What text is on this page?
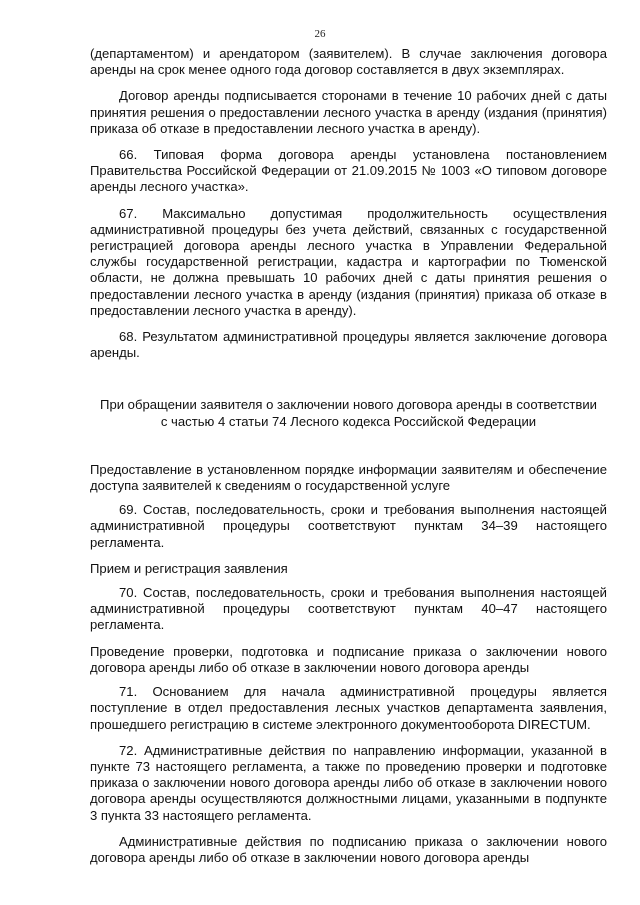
26

(департаментом) и арендатором (заявителем). В случае заключения договора аренды на срок менее одного года договор составляется в двух экземплярах.

Договор аренды подписывается сторонами в течение 10 рабочих дней с даты принятия решения о предоставлении лесного участка в аренду (издания (принятия) приказа об отказе в предоставлении лесного участка в аренду).

66. Типовая форма договора аренды установлена постановлением Правительства Российской Федерации от 21.09.2015 № 1003 «О типовом договоре аренды лесного участка».

67. Максимально допустимая продолжительность осуществления административной процедуры без учета действий, связанных с государственной регистрацией договора аренды лесного участка в Управлении Федеральной службы государственной регистрации, кадастра и картографии по Тюменской области, не должна превышать 10 рабочих дней с даты принятия решения о предоставлении лесного участка в аренду (издания (принятия) приказа об отказе в предоставлении лесного участка в аренду).

68. Результатом административной процедуры является заключение договора аренды.

При обращении заявителя о заключении нового договора аренды в соответствии с частью 4 статьи 74 Лесного кодекса Российской Федерации

Предоставление в установленном порядке информации заявителям и обеспечение доступа заявителей к сведениям о государственной услуге

69. Состав, последовательность, сроки и требования выполнения настоящей административной процедуры соответствуют пунктам 34–39 настоящего регламента.

Прием и регистрация заявления

70. Состав, последовательность, сроки и требования выполнения настоящей административной процедуры соответствуют пунктам 40–47 настоящего регламента.

Проведение проверки, подготовка и подписание приказа о заключении нового договора аренды либо об отказе в заключении нового договора аренды

71. Основанием для начала административной процедуры является поступление в отдел предоставления лесных участков департамента заявления, прошедшего регистрацию в системе электронного документооборота DIRECTUM.

72. Административные действия по направлению информации, указанной в пункте 73 настоящего регламента, а также по проведению проверки и подготовке приказа о заключении нового договора аренды либо об отказе в заключении нового договора аренды осуществляются должностными лицами, указанными в подпункте 3 пункта 33 настоящего регламента.

Административные действия по подписанию приказа о заключении нового договора аренды либо об отказе в заключении нового договора аренды
